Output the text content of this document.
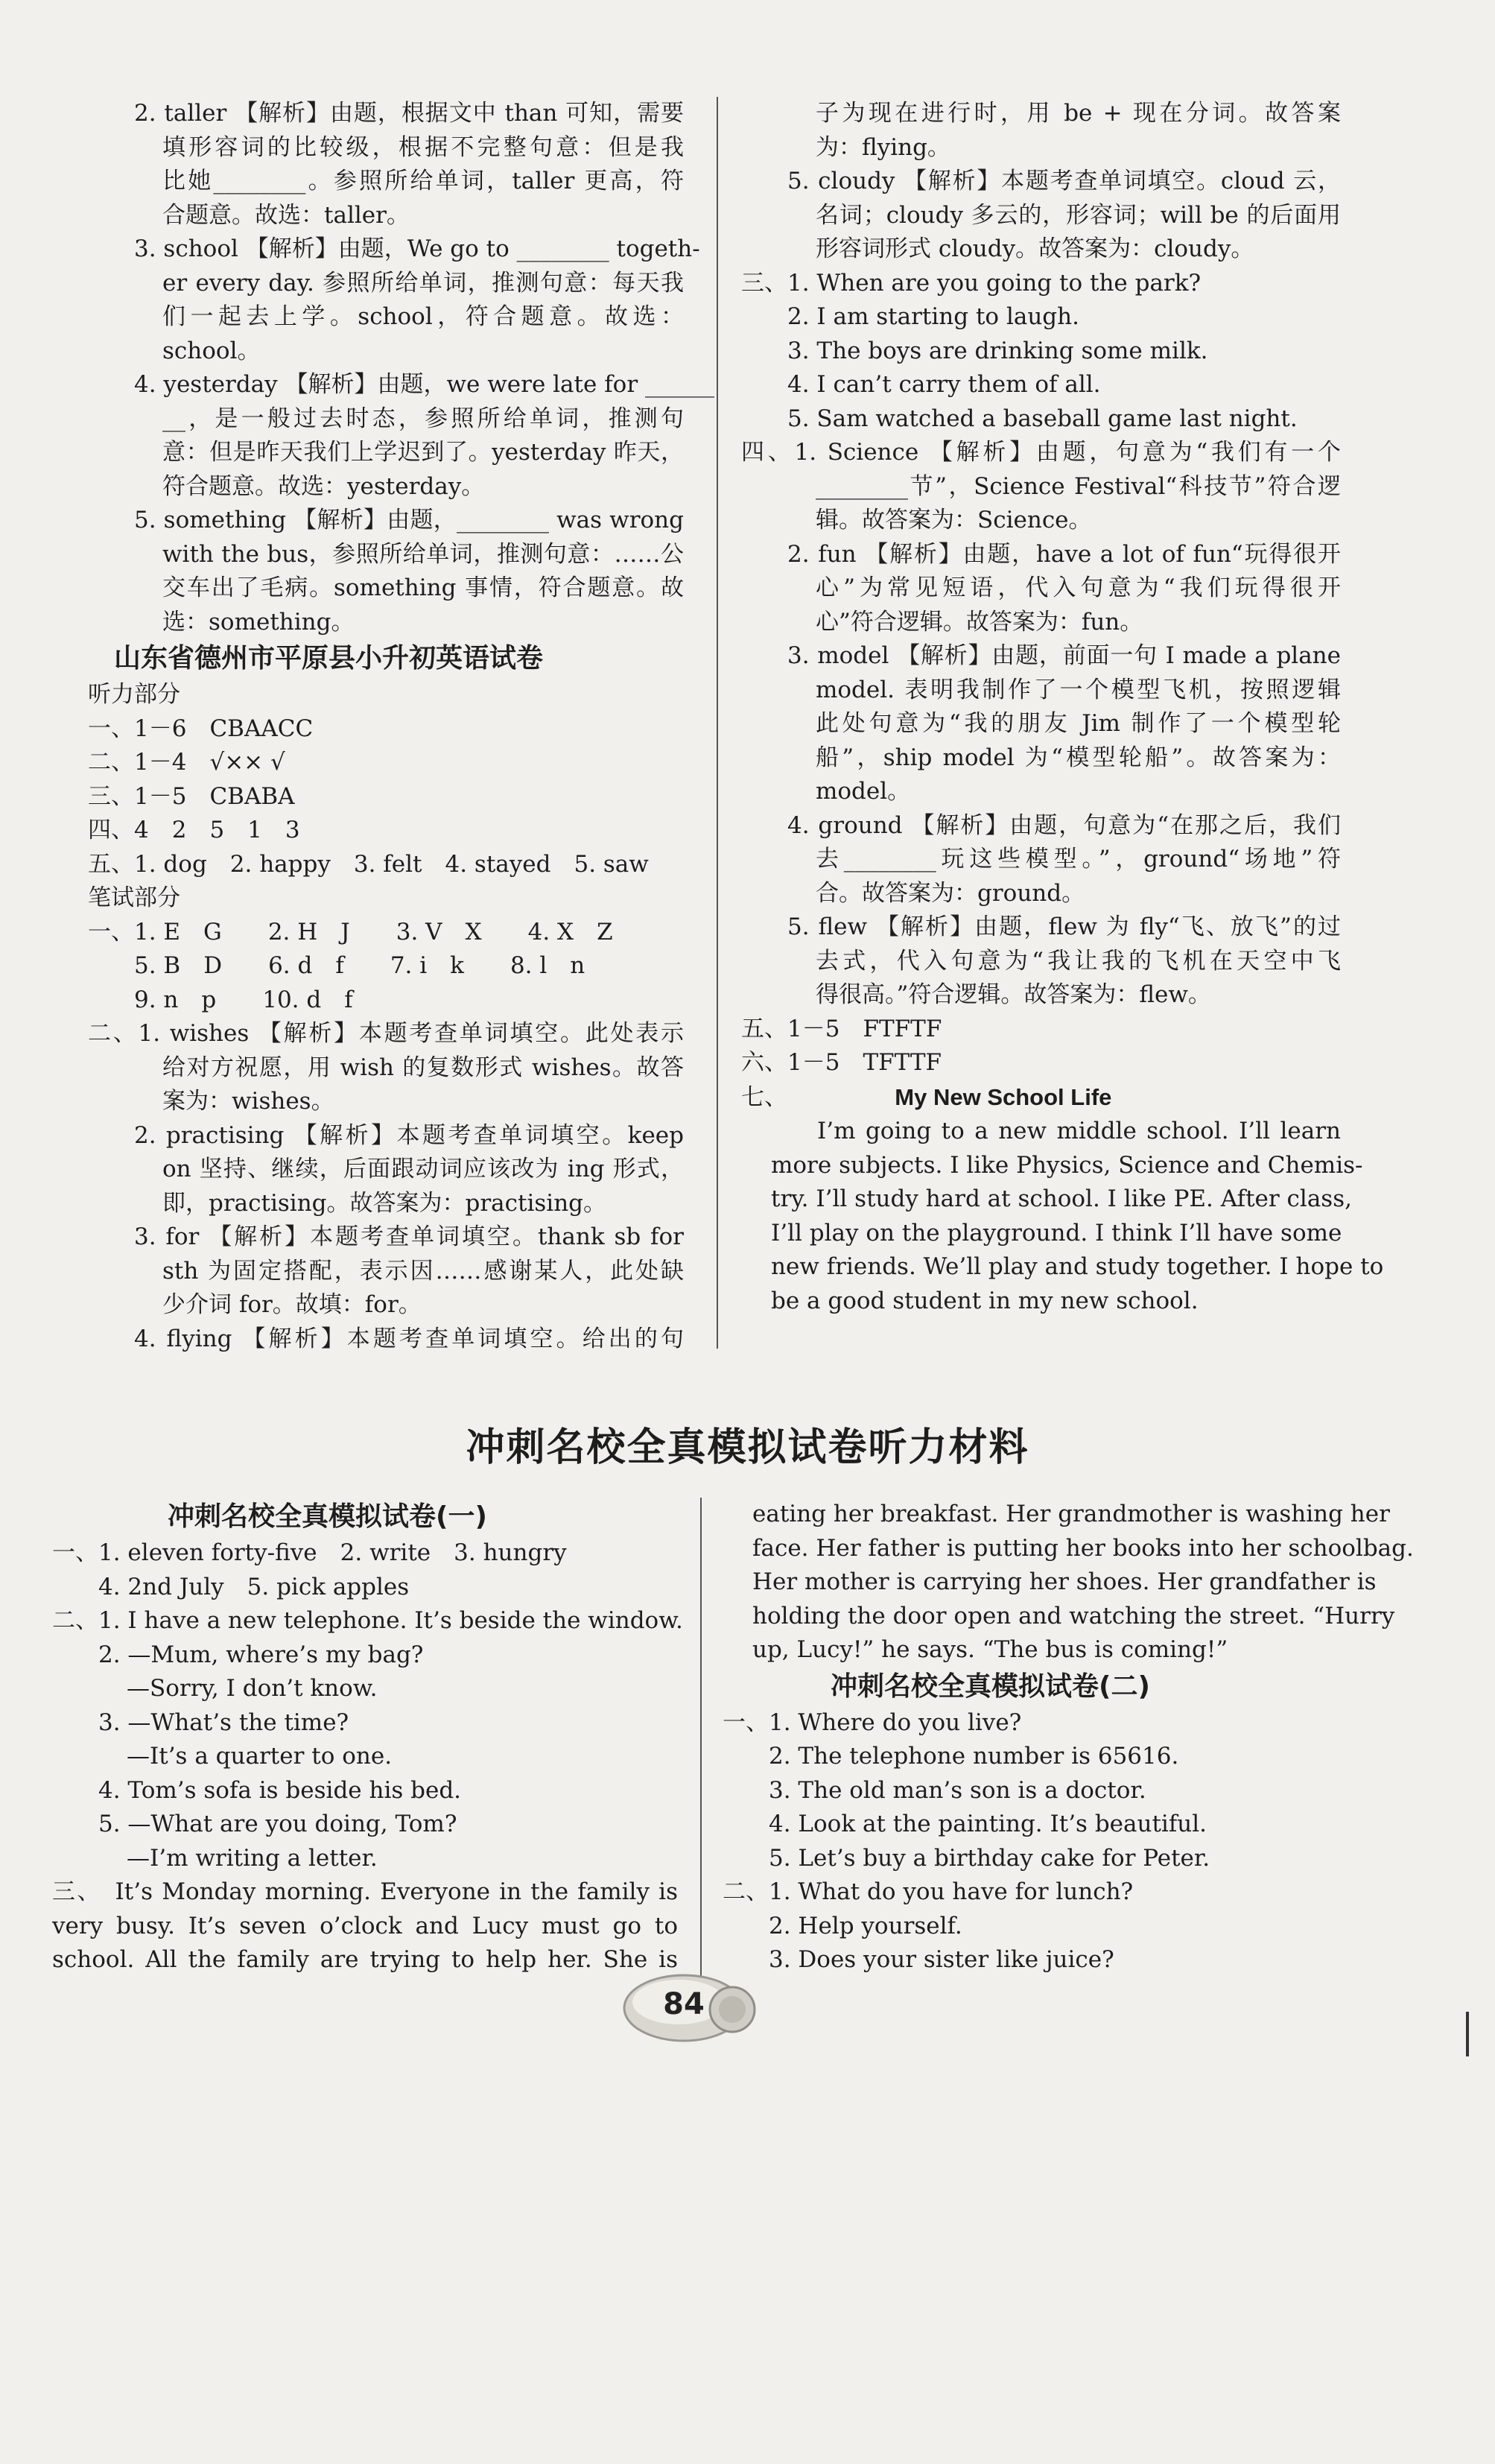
2. taller 【解析】由题，根据文中 than 可知，需要

填形容词的比较级，根据不完整句意：但是我

比她________。参照所给单词，taller 更高，符

合题意。故选：taller。

3. school 【解析】由题，We go to ________ togeth-

er every day. 参照所给单词，推测句意：每天我

们一起去上学。school，符合题意。故选：

school。

4. yesterday 【解析】由题，we were late for ______

__，是一般过去时态，参照所给单词，推测句

意：但是昨天我们上学迟到了。yesterday 昨天，

符合题意。故选：yesterday。

5. something 【解析】由题，________ was wrong

with the bus，参照所给单词，推测句意：……公

交车出了毛病。something 事情，符合题意。故

选：something。

山东省德州市平原县小升初英语试卷

听力部分

一、1－6　CBAACC

二、1－4　√×× √

三、1－5　CBABA

四、4　2　5　1　3

五、1. dog　2. happy　3. felt　4. stayed　5. saw

笔试部分

一、1. E　G　　2. H　J　　3. V　X　　4. X　Z

5. B　D　　6. d　f　　7. i　k　　8. l　n

9. n　p　　10. d　f

二、1. wishes 【解析】本题考查单词填空。此处表示

给对方祝愿，用 wish 的复数形式 wishes。故答

案为：wishes。

2. practising 【解析】本题考查单词填空。keep

on 坚持、继续，后面跟动词应该改为 ing 形式，

即，practising。故答案为：practising。

3. for 【解析】本题考查单词填空。thank sb for

sth 为固定搭配，表示因……感谢某人，此处缺

少介词 for。故填：for。

4. flying 【解析】本题考查单词填空。给出的句

子为现在进行时，用 be + 现在分词。故答案

为：flying。

5. cloudy 【解析】本题考查单词填空。cloud 云，

名词；cloudy 多云的，形容词；will be 的后面用

形容词形式 cloudy。故答案为：cloudy。

三、1. When are you going to the park?

2. I am starting to laugh.

3. The boys are drinking some milk.

4. I can’t carry them of all.

5. Sam watched a baseball game last night.

四、1. Science 【解析】由题，句意为“我们有一个

________节”，Science Festival“科技节”符合逻

辑。故答案为：Science。

2. fun 【解析】由题，have a lot of fun“玩得很开

心”为常见短语，代入句意为“我们玩得很开

心”符合逻辑。故答案为：fun。

3. model 【解析】由题，前面一句 I made a plane

model. 表明我制作了一个模型飞机，按照逻辑

此处句意为“我的朋友 Jim 制作了一个模型轮

船”，ship model 为“模型轮船”。故答案为：

model。

4. ground 【解析】由题，句意为“在那之后，我们

去________玩这些模型。”，ground“场地”符

合。故答案为：ground。

5. flew 【解析】由题，flew 为 fly“飞、放飞”的过

去式，代入句意为“我让我的飞机在天空中飞

得很高。”符合逻辑。故答案为：flew。

五、1－5　FTFTF

六、1－5　TFTTF

七、	My New School Life

I’m going to a new middle school. I’ll learn

more subjects. I like Physics, Science and Chemis-

try. I’ll study hard at school. I like PE. After class,

I’ll play on the playground. I think I’ll have some

new friends. We’ll play and study together. I hope to

be a good student in my new school.

冲刺名校全真模拟试卷听力材料

冲刺名校全真模拟试卷(一)

一、1. eleven forty-five　2. write　3. hungry

4. 2nd July　5. pick apples

二、1. I have a new telephone. It’s beside the window.

2. —Mum, where’s my bag?

—Sorry, I don’t know.

3. —What’s the time?

—It’s a quarter to one.

4. Tom’s sofa is beside his bed.

5. —What are you doing, Tom?

—I’m writing a letter.

三、　It’s Monday morning. Everyone in the family is

very busy. It’s seven o’clock and Lucy must go to

school. All the family are trying to help her. She is

eating her breakfast. Her grandmother is washing her

face. Her father is putting her books into her schoolbag.

Her mother is carrying her shoes. Her grandfather is

holding the door open and watching the street. “Hurry

up, Lucy!” he says. “The bus is coming!”

冲刺名校全真模拟试卷(二)

一、1. Where do you live?

2. The telephone number is 65616.

3. The old man’s son is a doctor.

4. Look at the painting. It’s beautiful.

5. Let’s buy a birthday cake for Peter.

二、1. What do you have for lunch?

2. Help yourself.

3. Does your sister like juice?

84
